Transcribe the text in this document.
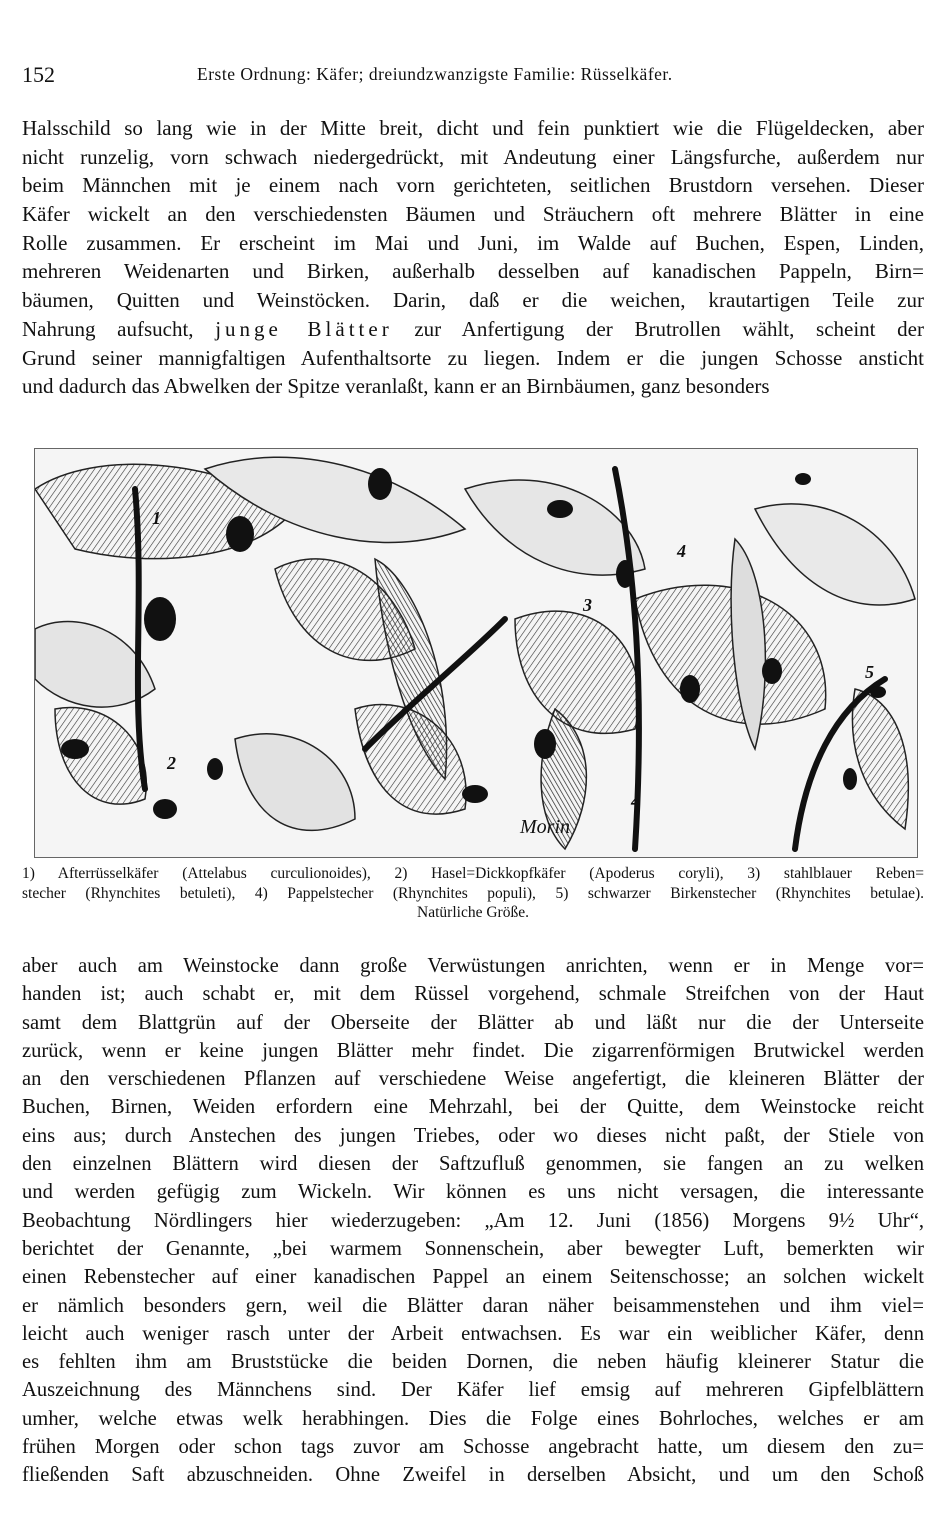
152	Erste Ordnung: Käfer; dreiundzwanzigste Familie: Rüsselkäfer.
Halsschild so lang wie in der Mitte breit, dicht und fein punktiert wie die Flügeldecken, aber
nicht runzelig, vorn schwach niedergedrückt, mit Andeutung einer Längsfurche, außerdem nur
beim Männchen mit je einem nach vorn gerichteten, seitlichen Brustdorn versehen. Dieser
Käfer wickelt an den verschiedensten Bäumen und Sträuchern oft mehrere Blätter in eine
Rolle zusammen. Er erscheint im Mai und Juni, im Walde auf Buchen, Espen, Linden,
mehreren Weidenarten und Birken, außerhalb desselben auf kanadischen Pappeln, Birn=
bäumen, Quitten und Weinstöcken. Darin, daß er die weichen, krautartigen Teile zur
Nahrung aufsucht, junge Blätter zur Anfertigung der Brutrollen wählt, scheint der
Grund seiner mannigfaltigen Aufenthaltsorte zu liegen. Indem er die jungen Schosse ansticht
und dadurch das Abwelken der Spitze veranlaßt, kann er an Birnbäumen, ganz besonders
1
2
3
4
4
5
Morin
1) Afterrüsselkäfer (Attelabus curculionoides), 2) Hasel=Dickkopfkäfer (Apoderus coryli), 3) stahlblauer Reben=
stecher (Rhynchites betuleti), 4) Pappelstecher (Rhynchites populi), 5) schwarzer Birkenstecher (Rhynchites betulae).
Natürliche Größe.
aber auch am Weinstocke dann große Verwüstungen anrichten, wenn er in Menge vor=
handen ist; auch schabt er, mit dem Rüssel vorgehend, schmale Streifchen von der Haut
samt dem Blattgrün auf der Oberseite der Blätter ab und läßt nur die der Unterseite
zurück, wenn er keine jungen Blätter mehr findet. Die zigarrenförmigen Brutwickel werden
an den verschiedenen Pflanzen auf verschiedene Weise angefertigt, die kleineren Blätter der
Buchen, Birnen, Weiden erfordern eine Mehrzahl, bei der Quitte, dem Weinstocke reicht
eins aus; durch Anstechen des jungen Triebes, oder wo dieses nicht paßt, der Stiele von
den einzelnen Blättern wird diesen der Saftzufluß genommen, sie fangen an zu welken
und werden gefügig zum Wickeln. Wir können es uns nicht versagen, die interessante
Beobachtung Nördlingers hier wiederzugeben: „Am 12. Juni (1856) Morgens 9½ Uhr“,
berichtet der Genannte, „bei warmem Sonnenschein, aber bewegter Luft, bemerkten wir
einen Rebenstecher auf einer kanadischen Pappel an einem Seitenschosse; an solchen wickelt
er nämlich besonders gern, weil die Blätter daran näher beisammenstehen und ihm viel=
leicht auch weniger rasch unter der Arbeit entwachsen. Es war ein weiblicher Käfer, denn
es fehlten ihm am Bruststücke die beiden Dornen, die neben häufig kleinerer Statur die
Auszeichnung des Männchens sind. Der Käfer lief emsig auf mehreren Gipfelblättern
umher, welche etwas welk herabhingen. Dies die Folge eines Bohrloches, welches er am
frühen Morgen oder schon tags zuvor am Schosse angebracht hatte, um diesem den zu=
fließenden Saft abzuschneiden. Ohne Zweifel in derselben Absicht, und um den Schoß
